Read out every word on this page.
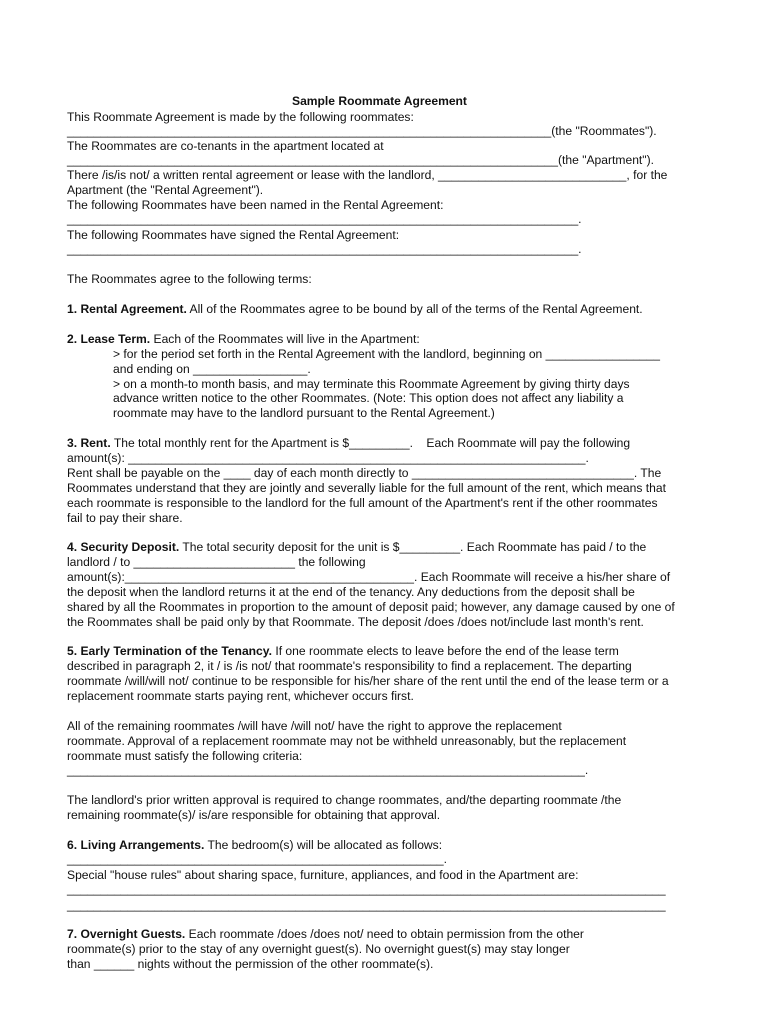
Sample Roommate Agreement
This Roommate Agreement is made by the following roommates:
________________________________________________________________________(the "Roommates").
The Roommates are co-tenants in the apartment located at
_________________________________________________________________________(the "Apartment").
There /is/is not/ a written rental agreement or lease with the landlord, ____________________________, for the
Apartment (the "Rental Agreement").
The following Roommates have been named in the Rental Agreement:
____________________________________________________________________________.
The following Roommates have signed the Rental Agreement:
____________________________________________________________________________.
The Roommates agree to the following terms:
1. Rental Agreement. All of the Roommates agree to be bound by all of the terms of the Rental Agreement.
2. Lease Term. Each of the Roommates will live in the Apartment:
> for the period set forth in the Rental Agreement with the landlord, beginning on _________________
and ending on _________________.
> on a month-to month basis, and may terminate this Roommate Agreement by giving thirty days
advance written notice to the other Roommates. (Note: This option does not affect any liability a
roommate may have to the landlord pursuant to the Rental Agreement.)
3. Rent. The total monthly rent for the Apartment is $_________.    Each Roommate will pay the following
amount(s): ____________________________________________________________________.
Rent shall be payable on the ____ day of each month directly to _________________________________. The
Roommates understand that they are jointly and severally liable for the full amount of the rent, which means that
each roommate is responsible to the landlord for the full amount of the Apartment's rent if the other roommates
fail to pay their share.
4. Security Deposit. The total security deposit for the unit is $_________. Each Roommate has paid / to the
landlord / to ________________________ the following
amount(s):___________________________________________. Each Roommate will receive a his/her share of
the deposit when the landlord returns it at the end of the tenancy. Any deductions from the deposit shall be
shared by all the Roommates in proportion to the amount of deposit paid; however, any damage caused by one of
the Roommates shall be paid only by that Roommate. The deposit /does /does not/include last month's rent.
5. Early Termination of the Tenancy. If one roommate elects to leave before the end of the lease term
described in paragraph 2, it / is /is not/ that roommate's responsibility to find a replacement. The departing
roommate /will/will not/ continue to be responsible for his/her share of the rent until the end of the lease term or a
replacement roommate starts paying rent, whichever occurs first.
All of the remaining roommates /will have /will not/ have the right to approve the replacement
roommate. Approval of a replacement roommate may not be withheld unreasonably, but the replacement
roommate must satisfy the following criteria:
_____________________________________________________________________________.
The landlord's prior written approval is required to change roommates, and/the departing roommate /the
remaining roommate(s)/ is/are responsible for obtaining that approval.
6. Living Arrangements. The bedroom(s) will be allocated as follows:
________________________________________________________.
Special "house rules" about sharing space, furniture, appliances, and food in the Apartment are:
_________________________________________________________________________________________
_________________________________________________________________________________________
7. Overnight Guests. Each roommate /does /does not/ need to obtain permission from the other
roommate(s) prior to the stay of any overnight guest(s). No overnight guest(s) may stay longer
than ______ nights without the permission of the other roommate(s).
